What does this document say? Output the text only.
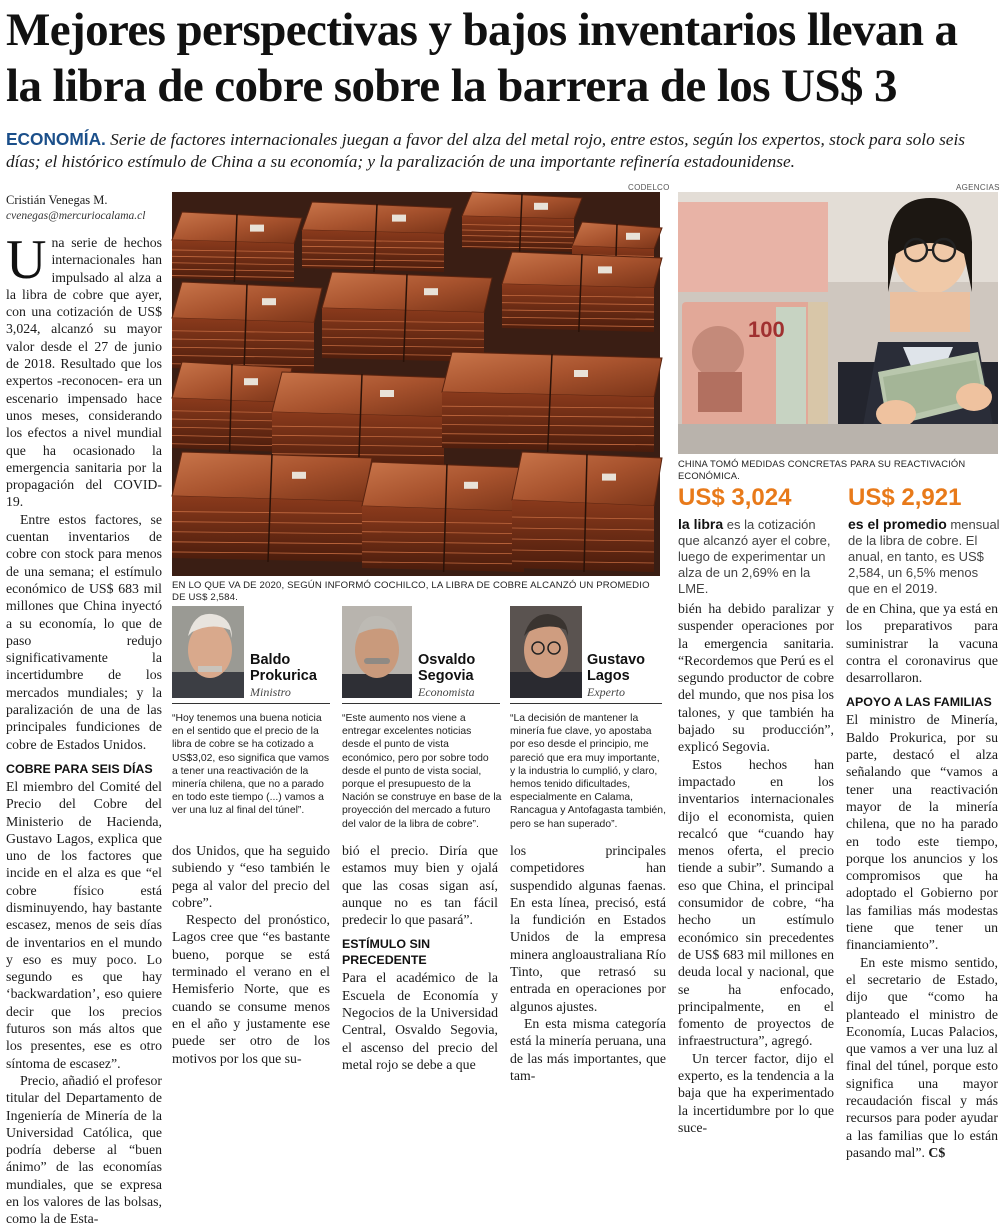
Mejores perspectivas y bajos inventarios llevan a la libra de cobre sobre la barrera de los US$ 3
ECONOMÍA. Serie de factores internacionales juegan a favor del alza del metal rojo, entre estos, según los expertos, stock para solo seis días; el histórico estímulo de China a su economía; y la paralización de una importante refinería estadounidense.
Cristián Venegas M.
cvenegas@mercuriocalama.cl

Una serie de hechos internacionales han impulsado al alza a la libra de cobre que ayer, con una cotización de US$ 3,024, alcanzó su mayor valor desde el 27 de junio de 2018. Resultado que los expertos -reconocen- era un escenario impensado hace unos meses, considerando los efectos a nivel mundial que ha ocasionado la emergencia sanitaria por la propagación del COVID-19.

Entre estos factores, se cuentan inventarios de cobre con stock para menos de una semana; el estímulo económico de US$ 683 mil millones que China inyectó a su economía, lo que de paso redujo significativamente la incertidumbre de los mercados mundiales; y la paralización de una de las principales fundiciones de cobre de Estados Unidos.

COBRE PARA SEIS DÍAS

El miembro del Comité del Precio del Cobre del Ministerio de Hacienda, Gustavo Lagos, explica que uno de los factores que incide en el alza es que “el cobre físico está disminuyendo, hay bastante escasez, menos de seis días de inventarios en el mundo y eso es muy poco. Lo segundo es que hay ‘backwardation’, eso quiere decir que los precios futuros son más altos que los presentes, ese es otro síntoma de escasez”.

Precio, añadió el profesor titular del Departamento de Ingeniería de Minería de la Universidad Católica, que podría deberse al “buen ánimo” de las economías mundiales, que se expresa en los valores de las bolsas, como la de Esta-

CODELCO
EN LO QUE VA DE 2020, SEGÚN INFORMÓ COCHILCO, LA LIBRA DE COBRE ALCANZÓ UN PROMEDIO DE US$ 2,584.
AGENCIAS
100
CHINA TOMÓ MEDIDAS CONCRETAS PARA SU REACTIVACIÓN ECONÓMICA.
US$ 3,024
la libra es la cotización que alcanzó ayer el cobre, luego de experimentar un alza de un 2,69% en la LME.
US$ 2,921
es el promedio mensual de la libra de cobre. El anual, en tanto, es US$ 2,584, un 6,5% menos que en el 2019.
Baldo Prokurica
Ministro
“Hoy tenemos una buena noticia en el sentido que el precio de la libra de cobre se ha cotizado a US$3,02, eso significa que vamos a tener una reactivación de la minería chilena, que no a parado en todo este tiempo (...) vamos a ver una luz al final del túnel”.
Osvaldo Segovia
Economista
“Este aumento nos viene a entregar excelentes noticias desde el punto de vista económico, pero por sobre todo desde el punto de vista social, porque el presupuesto de la Nación se construye en base de la proyección del mercado a futuro del valor de la libra de cobre”.
Gustavo Lagos
Experto
“La decisión de mantener la minería fue clave, yo apostaba por eso desde el principio, me pareció que era muy importante, y la industria lo cumplió, y claro, hemos tenido dificultades, especialmente en Calama, Rancagua y Antofagasta también, pero se han superado”.

dos Unidos, que ha seguido subiendo y “eso también le pega al valor del precio del cobre”.

Respecto del pronóstico, Lagos cree que “es bastante bueno, porque se está terminado el verano en el Hemisferio Norte, que es cuando se consume menos en el año y justamente ese puede ser otro de los motivos por los que su-

bió el precio. Diría que estamos muy bien y ojalá que las cosas sigan así, aunque no es tan fácil predecir lo que pasará”.

ESTÍMULO SIN PRECEDENTE

Para el académico de la Escuela de Economía y Negocios de la Universidad Central, Osvaldo Segovia, el ascenso del precio del metal rojo se debe a que

los principales competidores han suspendido algunas faenas. En esta línea, precisó, está la fundición en Estados Unidos de la empresa minera angloaustraliana Río Tinto, que retrasó su entrada en operaciones por algunos ajustes.

En esta misma categoría está la minería peruana, una de las más importantes, que tam-

bién ha debido paralizar y suspender operaciones por la emergencia sanitaria. “Recordemos que Perú es el segundo productor de cobre del mundo, que nos pisa los talones, y que también ha bajado su producción”, explicó Segovia.

Estos hechos han impactado en los inventarios internacionales dijo el economista, quien recalcó que “cuando hay menos oferta, el precio tiende a subir”. Sumando a eso que China, el principal consumidor de cobre, “ha hecho un estímulo económico sin precedentes de US$ 683 mil millones en deuda local y nacional, que se ha enfocado, principalmente, en el fomento de proyectos de infraestructura”, agregó.

Un tercer factor, dijo el experto, es la tendencia a la baja que ha experimentado la incertidumbre por lo que suce-

de en China, que ya está en los preparativos para suministrar la vacuna contra el coronavirus que desarrollaron.

APOYO A LAS FAMILIAS

El ministro de Minería, Baldo Prokurica, por su parte, destacó el alza señalando que “vamos a tener una reactivación mayor de la minería chilena, que no ha parado en todo este tiempo, porque los anuncios y los compromisos que ha adoptado el Gobierno por las familias más modestas tiene que tener un financiamiento”.

En este mismo sentido, el secretario de Estado, dijo que “como ha planteado el ministro de Economía, Lucas Palacios, que vamos a ver una luz al final del túnel, porque esto significa una mayor recaudación fiscal y más recursos para poder ayudar a las familias que lo están pasando mal”. C$
